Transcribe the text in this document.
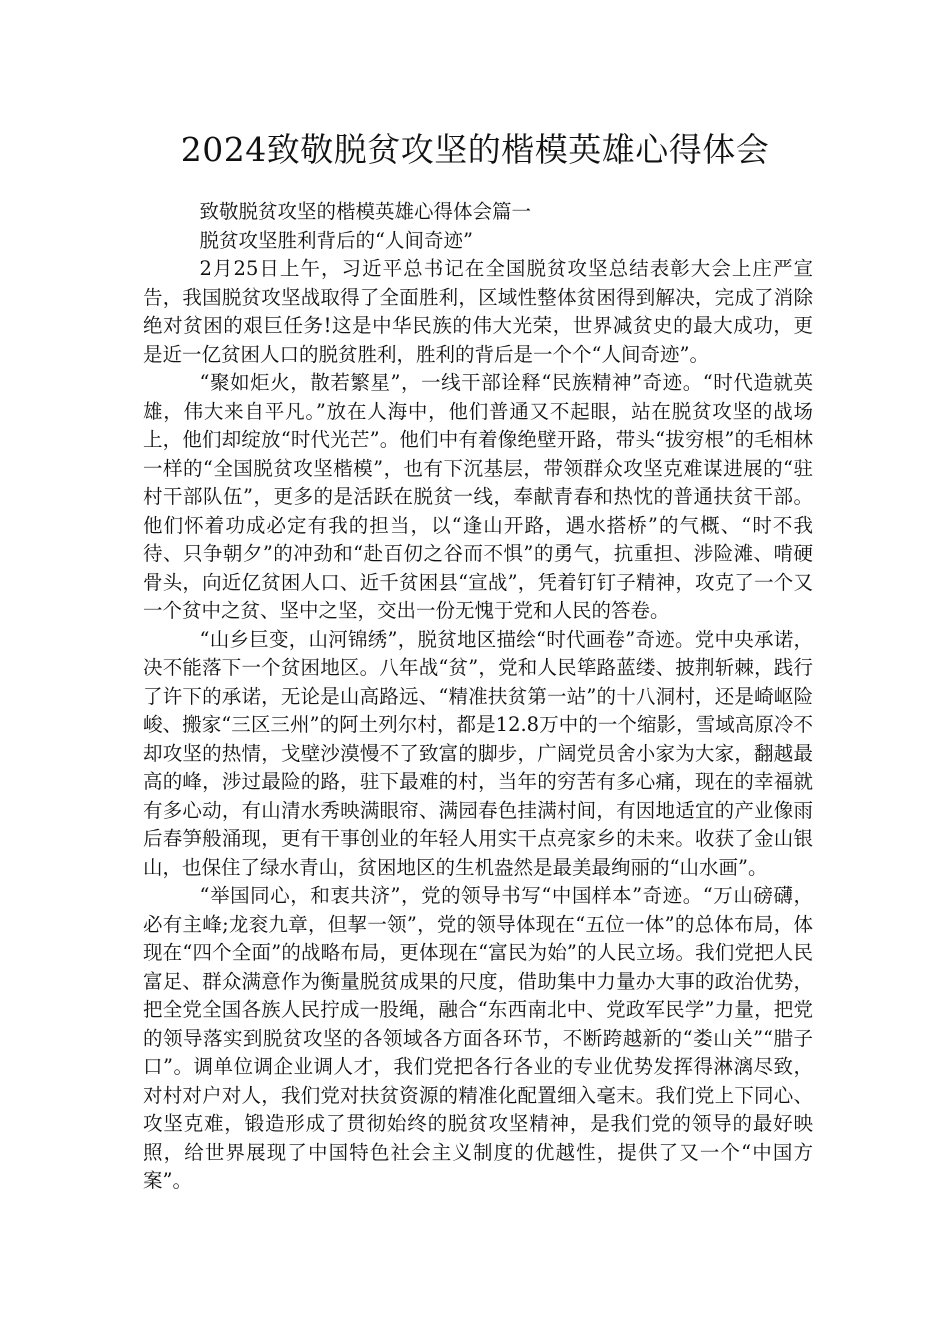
2024致敬脱贫攻坚的楷模英雄心得体会

致敬脱贫攻坚的楷模英雄心得体会篇一

脱贫攻坚胜利背后的“人间奇迹”

2月25日上午，习近平总书记在全国脱贫攻坚总结表彰大会上庄严宣告，我国脱贫攻坚战取得了全面胜利，区域性整体贫困得到解决，完成了消除绝对贫困的艰巨任务!这是中华民族的伟大光荣，世界减贫史的最大成功，更是近一亿贫困人口的脱贫胜利，胜利的背后是一个个“人间奇迹”。

“聚如炬火，散若繁星”，一线干部诠释“民族精神”奇迹。“时代造就英雄，伟大来自平凡。”放在人海中，他们普通又不起眼，站在脱贫攻坚的战场上，他们却绽放“时代光芒”。他们中有着像绝壁开路，带头“拔穷根”的毛相林一样的“全国脱贫攻坚楷模”，也有下沉基层，带领群众攻坚克难谋进展的“驻村干部队伍”，更多的是活跃在脱贫一线，奉献青春和热忱的普通扶贫干部。他们怀着功成必定有我的担当，以“逢山开路，遇水搭桥”的气概、“时不我待、只争朝夕”的冲劲和“赴百仞之谷而不惧”的勇气，抗重担、涉险滩、啃硬骨头，向近亿贫困人口、近千贫困县“宣战”，凭着钉钉子精神，攻克了一个又一个贫中之贫、坚中之坚，交出一份无愧于党和人民的答卷。

“山乡巨变，山河锦绣”，脱贫地区描绘“时代画卷”奇迹。党中央承诺，决不能落下一个贫困地区。八年战“贫”，党和人民筚路蓝缕、披荆斩棘，践行了许下的承诺，无论是山高路远、“精准扶贫第一站”的十八洞村，还是崎岖险峻、搬家“三区三州”的阿土列尔村，都是12.8万中的一个缩影，雪域高原冷不却攻坚的热情，戈壁沙漠慢不了致富的脚步，广阔党员舍小家为大家，翻越最高的峰，涉过最险的路，驻下最难的村，当年的穷苦有多心痛，现在的幸福就有多心动，有山清水秀映满眼帘、满园春色挂满村间，有因地适宜的产业像雨后春笋般涌现，更有干事创业的年轻人用实干点亮家乡的未来。收获了金山银山，也保住了绿水青山，贫困地区的生机盎然是最美最绚丽的“山水画”。

“举国同心，和衷共济”，党的领导书写“中国样本”奇迹。“万山磅礴，必有主峰;龙衮九章，但挈一领”，党的领导体现在“五位一体”的总体布局，体现在“四个全面”的战略布局，更体现在“富民为始”的人民立场。我们党把人民富足、群众满意作为衡量脱贫成果的尺度，借助集中力量办大事的政治优势，把全党全国各族人民拧成一股绳，融合“东西南北中、党政军民学”力量，把党的领导落实到脱贫攻坚的各领域各方面各环节，不断跨越新的“娄山关”“腊子口”。调单位调企业调人才，我们党把各行各业的专业优势发挥得淋漓尽致，对村对户对人，我们党对扶贫资源的精准化配置细入毫末。我们党上下同心、攻坚克难，锻造形成了贯彻始终的脱贫攻坚精神，是我们党的领导的最好映照，给世界展现了中国特色社会主义制度的优越性，提供了又一个“中国方案”。
